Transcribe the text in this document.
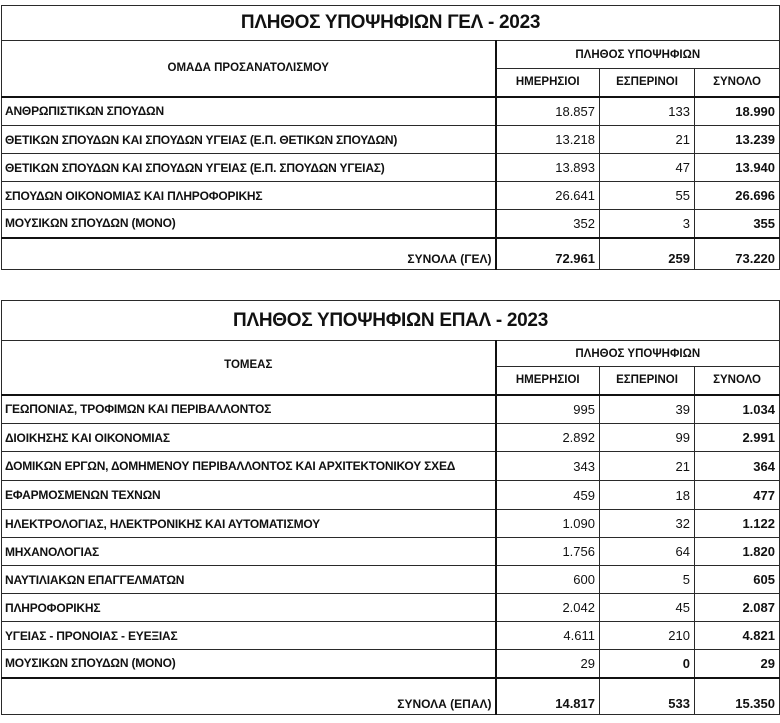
ΠΛΗΘΟΣ ΥΠΟΨΗΦΙΩΝ ΓΕΛ - 2023			
ΟΜΑΔΑ ΠΡΟΣΑΝΑΤΟΛΙΣΜΟΥ	ΠΛΗΘΟΣ ΥΠΟΨΗΦΙΩΝ		
	ΗΜΕΡΗΣΙΟΙ	ΕΣΠΕΡΙΝΟΙ	ΣΥΝΟΛΟ
ΑΝΘΡΩΠΙΣΤΙΚΩΝ ΣΠΟΥΔΩΝ	18.857	133	18.990
ΘΕΤΙΚΩΝ ΣΠΟΥΔΩΝ ΚΑΙ ΣΠΟΥΔΩΝ ΥΓΕΙΑΣ (Ε.Π. ΘΕΤΙΚΩΝ ΣΠΟΥΔΩΝ)	13.218	21	13.239
ΘΕΤΙΚΩΝ ΣΠΟΥΔΩΝ ΚΑΙ ΣΠΟΥΔΩΝ ΥΓΕΙΑΣ (Ε.Π. ΣΠΟΥΔΩΝ ΥΓΕΙΑΣ)	13.893	47	13.940
ΣΠΟΥΔΩΝ ΟΙΚΟΝΟΜΙΑΣ ΚΑΙ ΠΛΗΡΟΦΟΡΙΚΗΣ	26.641	55	26.696
ΜΟΥΣΙΚΩΝ ΣΠΟΥΔΩΝ (ΜΟΝΟ)	352	3	355
ΣΥΝΟΛΑ (ΓΕΛ)	72.961	259	73.220
ΠΛΗΘΟΣ ΥΠΟΨΗΦΙΩΝ ΕΠΑΛ - 2023			
ΤΟΜΕΑΣ	ΠΛΗΘΟΣ ΥΠΟΨΗΦΙΩΝ		
	ΗΜΕΡΗΣΙΟΙ	ΕΣΠΕΡΙΝΟΙ	ΣΥΝΟΛΟ
ΓΕΩΠΟΝΙΑΣ, ΤΡΟΦΙΜΩΝ ΚΑΙ ΠΕΡΙΒΑΛΛΟΝΤΟΣ	995	39	1.034
ΔΙΟΙΚΗΣΗΣ ΚΑΙ ΟΙΚΟΝΟΜΙΑΣ	2.892	99	2.991
ΔΟΜΙΚΩΝ ΕΡΓΩΝ, ΔΟΜΗΜΕΝΟΥ ΠΕΡΙΒΑΛΛΟΝΤΟΣ ΚΑΙ ΑΡΧΙΤΕΚΤΟΝΙΚΟΥ ΣΧΕΔ	343	21	364
ΕΦΑΡΜΟΣΜΕΝΩΝ ΤΕΧΝΩΝ	459	18	477
ΗΛΕΚΤΡΟΛΟΓΙΑΣ, ΗΛΕΚΤΡΟΝΙΚΗΣ ΚΑΙ ΑΥΤΟΜΑΤΙΣΜΟΥ	1.090	32	1.122
ΜΗΧΑΝΟΛΟΓΙΑΣ	1.756	64	1.820
ΝΑΥΤΙΛΙΑΚΩΝ ΕΠΑΓΓΕΛΜΑΤΩΝ	600	5	605
ΠΛΗΡΟΦΟΡΙΚΗΣ	2.042	45	2.087
ΥΓΕΙΑΣ - ΠΡΟΝΟΙΑΣ - ΕΥΕΞΙΑΣ	4.611	210	4.821
ΜΟΥΣΙΚΩΝ ΣΠΟΥΔΩΝ (ΜΟΝΟ)	29	0	29
ΣΥΝΟΛΑ (ΕΠΑΛ)	14.817	533	15.350
